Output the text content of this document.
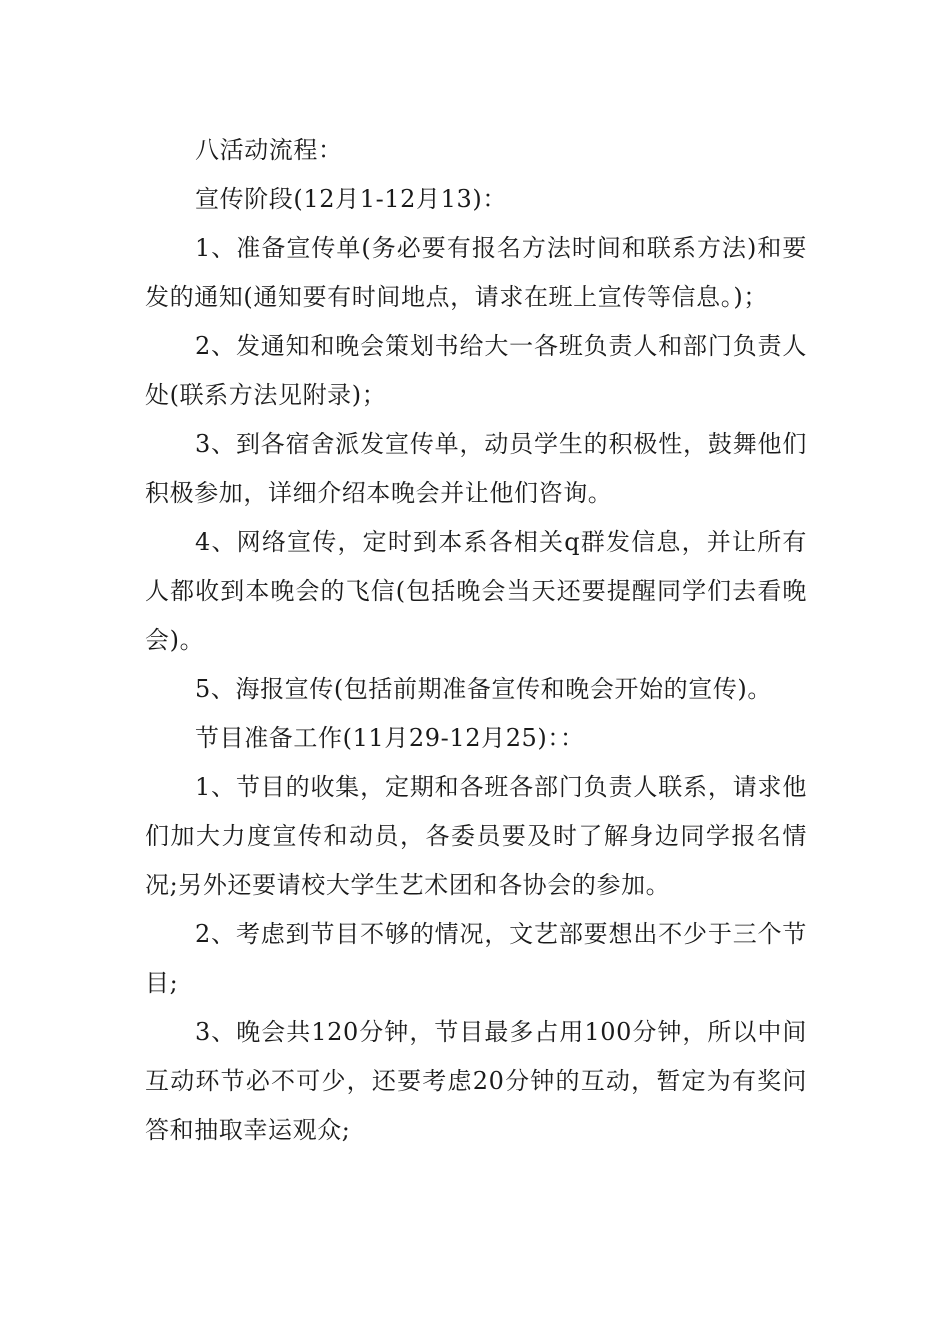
八活动流程：

宣传阶段(12月1-12月13)：

1、准备宣传单(务必要有报名方法时间和联系方法)和要发的通知(通知要有时间地点，请求在班上宣传等信息。)；

2、发通知和晚会策划书给大一各班负责人和部门负责人处(联系方法见附录)；

3、到各宿舍派发宣传单，动员学生的积极性，鼓舞他们积极参加，详细介绍本晚会并让他们咨询。

4、网络宣传，定时到本系各相关q群发信息，并让所有人都收到本晚会的飞信(包括晚会当天还要提醒同学们去看晚会)。

5、海报宣传(包括前期准备宣传和晚会开始的宣传)。

节目准备工作(11月29-12月25)：：

1、节目的收集，定期和各班各部门负责人联系，请求他们加大力度宣传和动员，各委员要及时了解身边同学报名情况;另外还要请校大学生艺术团和各协会的参加。

2、考虑到节目不够的情况，文艺部要想出不少于三个节目;

3、晚会共120分钟，节目最多占用100分钟，所以中间互动环节必不可少，还要考虑20分钟的互动，暂定为有奖问答和抽取幸运观众;
